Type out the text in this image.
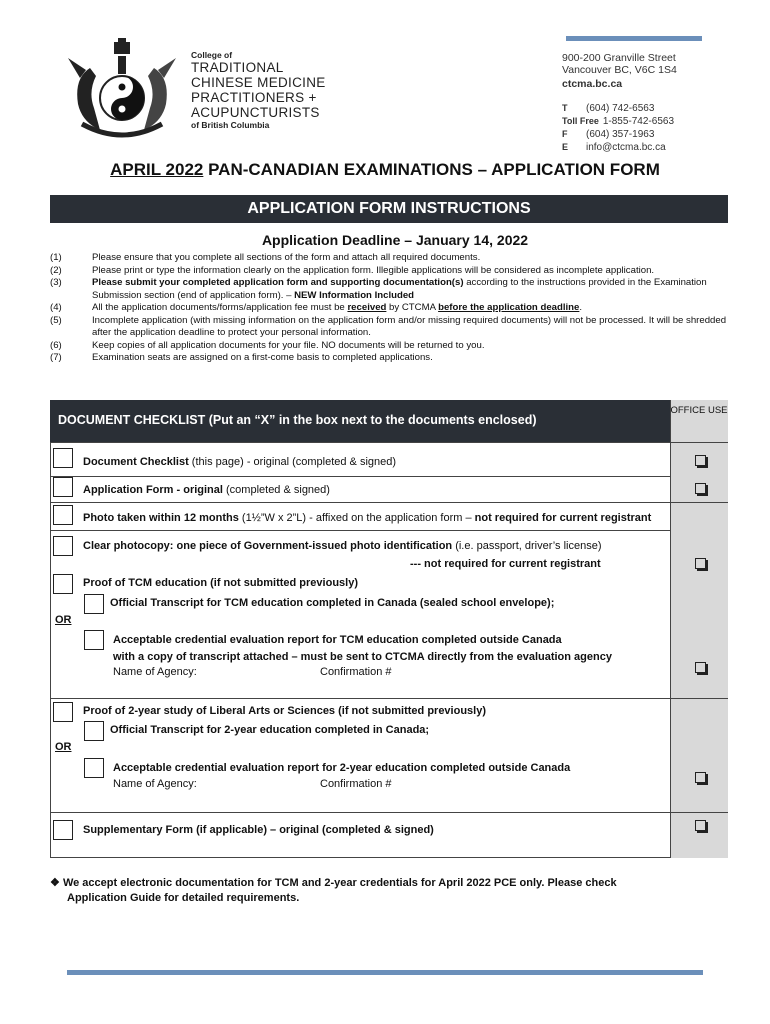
College of
TRADITIONAL
CHINESE MEDICINE
PRACTITIONERS +
ACUPUNCTURISTS
of British Columbia
900-200 Granville Street
Vancouver BC, V6C 1S4
ctcma.bc.ca
T (604) 742-6563
Toll Free 1-855-742-6563
F (604) 357-1963
E info@ctcma.bc.ca
APRIL 2022 PAN-CANADIAN EXAMINATIONS – APPLICATION FORM
APPLICATION FORM INSTRUCTIONS
Application Deadline – January 14, 2022
(1)	Please ensure that you complete all sections of the form and attach all required documents.
(2)	Please print or type the information clearly on the application form. Illegible applications will be considered as incomplete application.
(3)	Please submit your completed application form and supporting documentation(s) according to the instructions provided in the Examination Submission section (end of application form). – NEW Information Included
(4)	All the application documents/forms/application fee must be received by CTCMA before the application deadline.
(5)	Incomplete application (with missing information on the application form and/or missing required documents) will not be processed. It will be shredded after the application deadline to protect your personal information.
(6)	Keep copies of all application documents for your file. NO documents will be returned to you.
(7)	Examination seats are assigned on a first-come basis to completed applications.
OFFICE USE
DOCUMENT CHECKLIST (Put an “X” in the box next to the documents enclosed)
Document Checklist (this page) - original (completed & signed)
Application Form - original (completed & signed)
Photo taken within 12 months (1½”W x 2”L) - affixed on the application form – not required for current registrant
Clear photocopy: one piece of Government-issued photo identification (i.e. passport, driver’s license)
--- not required for current registrant
Proof of TCM education (if not submitted previously)
Official Transcript for TCM education completed in Canada (sealed school envelope);
OR
Acceptable credential evaluation report for TCM education completed outside Canada
with a copy of transcript attached – must be sent to CTCMA directly from the evaluation agency
Name of Agency:	Confirmation #
Proof of 2-year study of Liberal Arts or Sciences (if not submitted previously)
Official Transcript for 2-year education completed in Canada;
OR
Acceptable credential evaluation report for 2-year education completed outside Canada
Name of Agency:	Confirmation #
Supplementary Form (if applicable) – original (completed & signed)
❖ We accept electronic documentation for TCM and 2-year credentials for April 2022 PCE only. Please check
Application Guide for detailed requirements.
